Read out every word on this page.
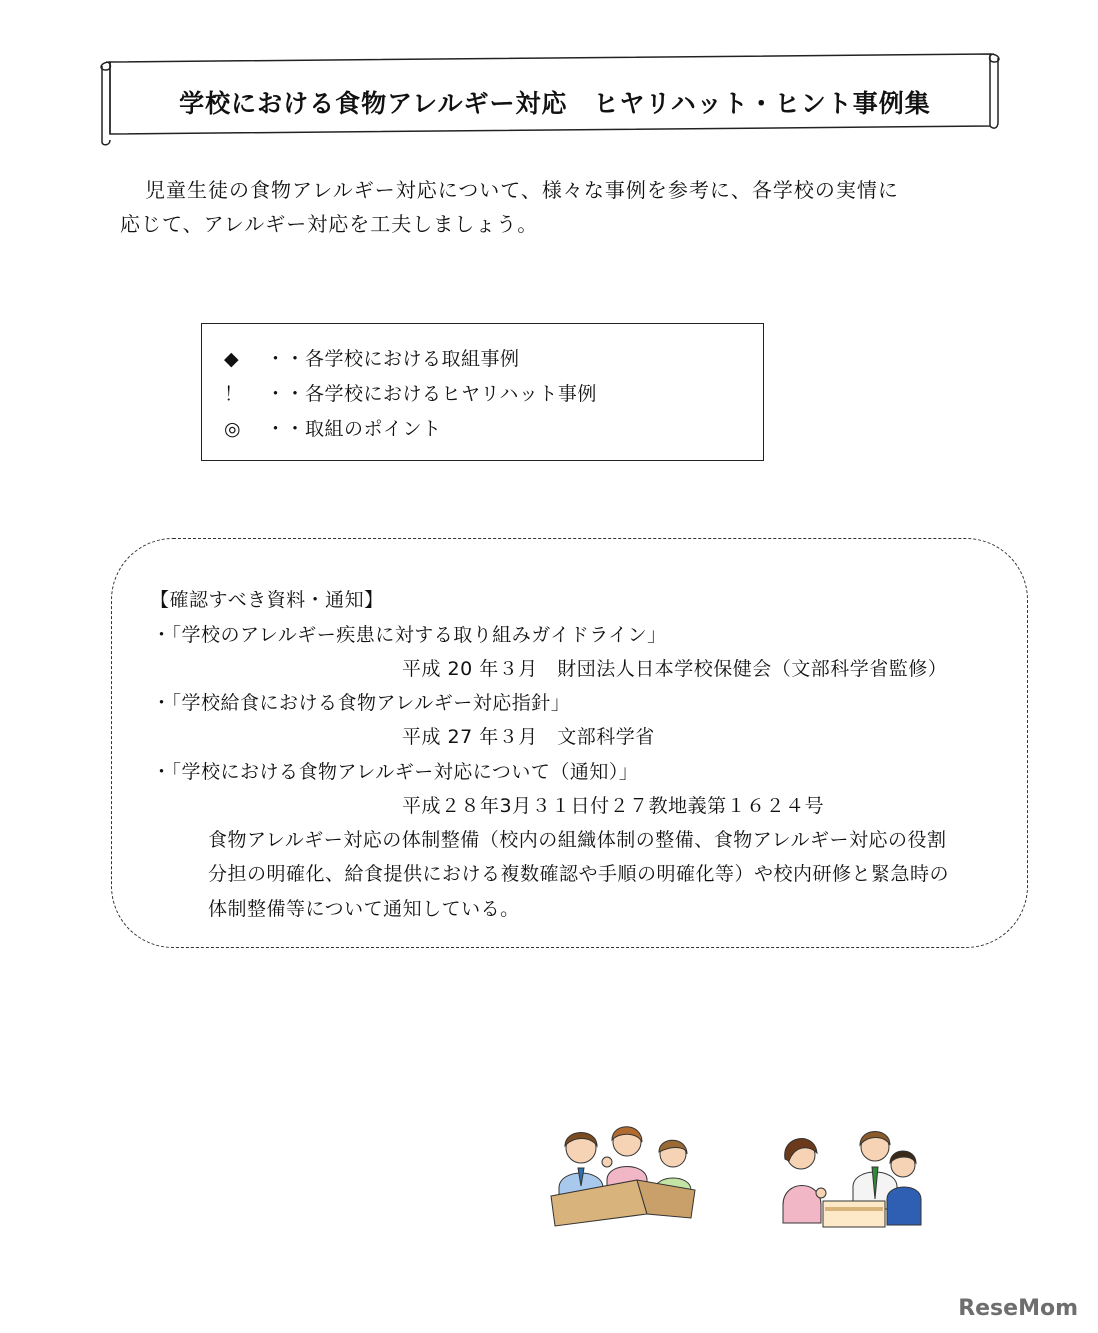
学校における食物アレルギー対応　ヒヤリハット・ヒント事例集
児童生徒の食物アレルギー対応について、様々な事例を参考に、各学校の実情に
応じて、アレルギー対応を工夫しましょう。
◆ ・・各学校における取組事例
！ ・・各学校におけるヒヤリハット事例
◎ ・・取組のポイント
【確認すべき資料・通知】
・「学校のアレルギー疾患に対する取り組みガイドライン」
平成 20 年３月　財団法人日本学校保健会（文部科学省監修）
・「学校給食における食物アレルギー対応指針」
平成 27 年３月　文部科学省
・「学校における食物アレルギー対応について（通知）」
平成２８年3月３１日付２７教地義第１６２４号
食物アレルギー対応の体制整備（校内の組織体制の整備、食物アレルギー対応の役割
分担の明確化、給食提供における複数確認や手順の明確化等）や校内研修と緊急時の
体制整備等について通知している。
ReseMom
